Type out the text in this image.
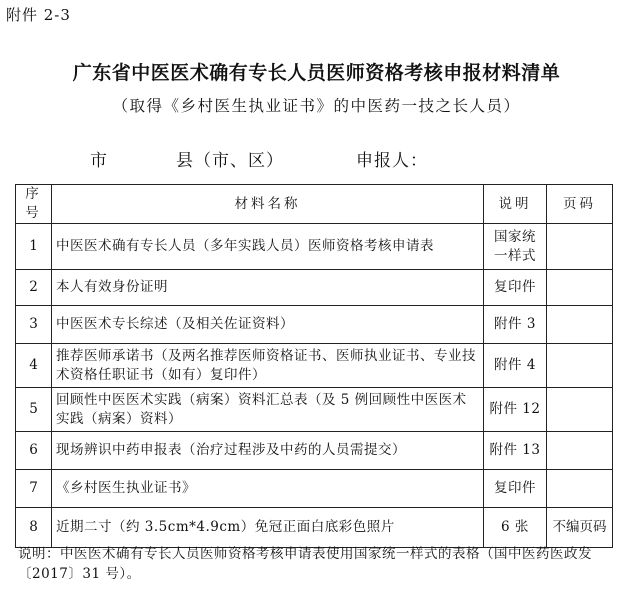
附件 2-3
广东省中医医术确有专长人员医师资格考核申报材料清单
（取得《乡村医生执业证书》的中医药一技之长人员）
市	县（市、区）	申报人：
序号	材料名称	说明	页码
1	中医医术确有专长人员（多年实践人员）医师资格考核申请表	国家统一样式	
2	本人有效身份证明	复印件	
3	中医医术专长综述（及相关佐证资料）	附件 3	
4	推荐医师承诺书（及两名推荐医师资格证书、医师执业证书、专业技术资格任职证书（如有）复印件）	附件 4	
5	回顾性中医医术实践（病案）资料汇总表（及 5 例回顾性中医医术实践（病案）资料）	附件 12	
6	现场辨识中药申报表（治疗过程涉及中药的人员需提交）	附件 13	
7	《乡村医生执业证书》	复印件	
8	近期二寸（约 3.5cm*4.9cm）免冠正面白底彩色照片	6 张	不编页码
说明：中医医术确有专长人员医师资格考核申请表使用国家统一样式的表格（国中医药医政发〔2017〕31 号）。
